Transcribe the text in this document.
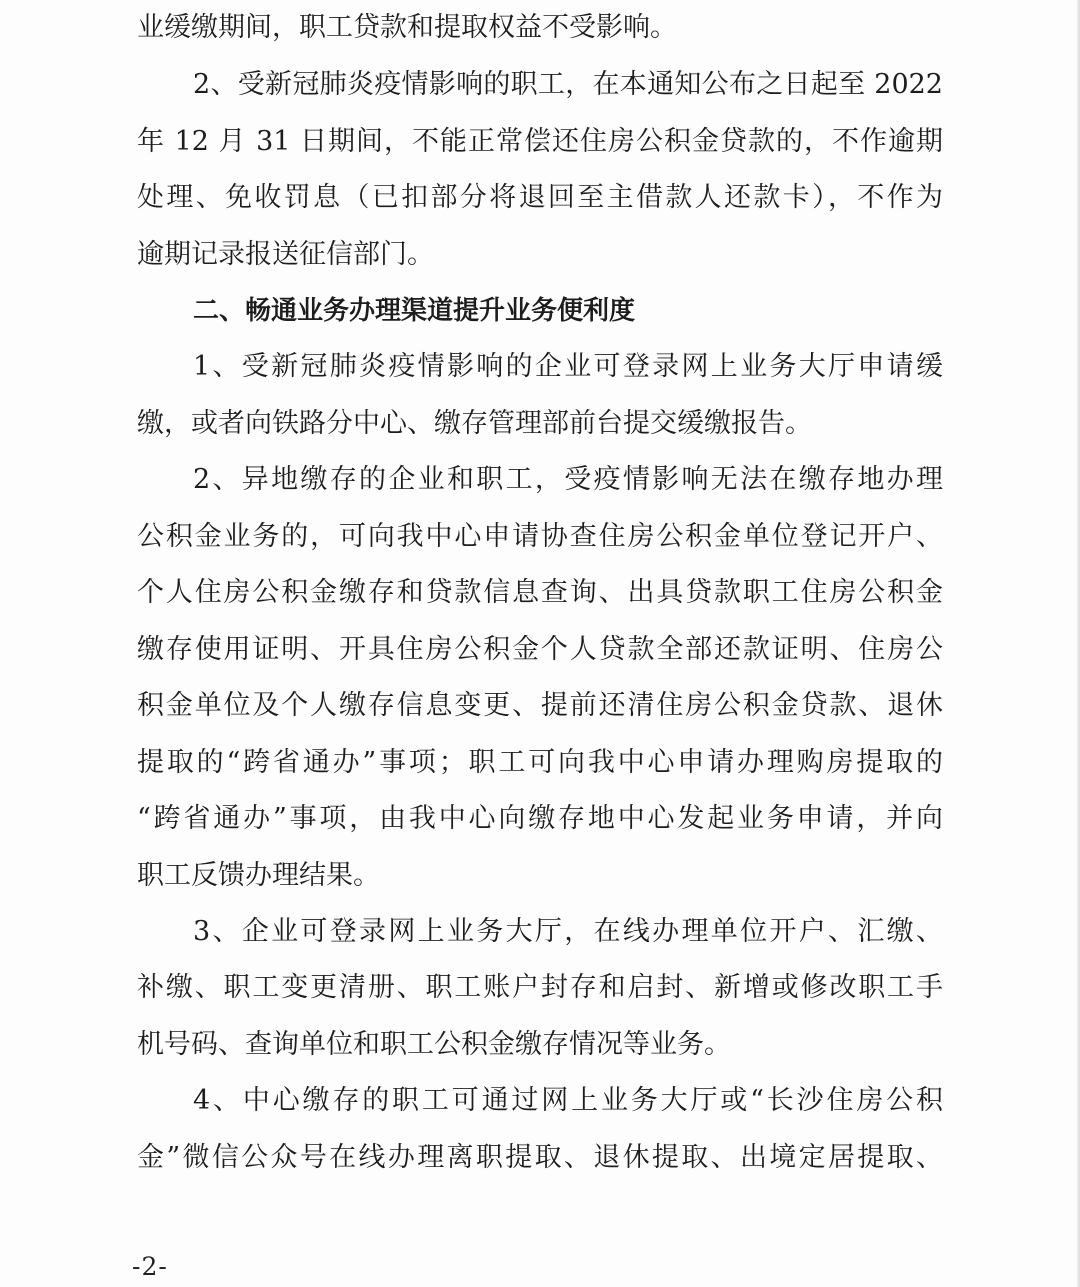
业缓缴期间，职工贷款和提取权益不受影响。
2、受新冠肺炎疫情影响的职工，在本通知公布之日起至 2022
年 12 月 31 日期间，不能正常偿还住房公积金贷款的，不作逾期
处理、免收罚息（已扣部分将退回至主借款人还款卡），不作为
逾期记录报送征信部门。
二、畅通业务办理渠道提升业务便利度
1、受新冠肺炎疫情影响的企业可登录网上业务大厅申请缓
缴，或者向铁路分中心、缴存管理部前台提交缓缴报告。
2、异地缴存的企业和职工，受疫情影响无法在缴存地办理
公积金业务的，可向我中心申请协查住房公积金单位登记开户、
个人住房公积金缴存和贷款信息查询、出具贷款职工住房公积金
缴存使用证明、开具住房公积金个人贷款全部还款证明、住房公
积金单位及个人缴存信息变更、提前还清住房公积金贷款、退休
提取的“跨省通办”事项；职工可向我中心申请办理购房提取的
“跨省通办”事项，由我中心向缴存地中心发起业务申请，并向
职工反馈办理结果。
3、企业可登录网上业务大厅，在线办理单位开户、汇缴、
补缴、职工变更清册、职工账户封存和启封、新增或修改职工手
机号码、查询单位和职工公积金缴存情况等业务。
4、中心缴存的职工可通过网上业务大厅或“长沙住房公积
金”微信公众号在线办理离职提取、退休提取、出境定居提取、
-2-
